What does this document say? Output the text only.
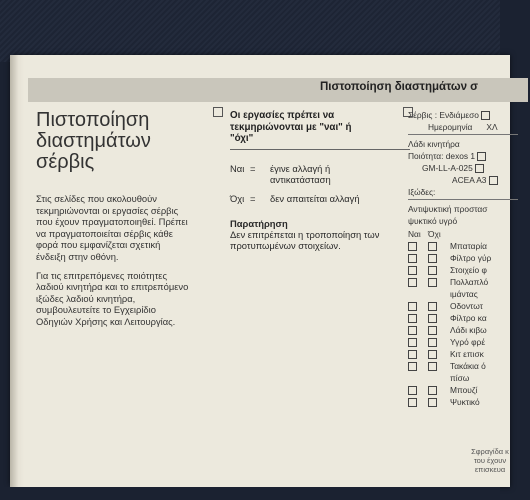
Πιστοποίηση διαστημάτων σ
Πιστοποίηση
διαστημάτων
σέρβις

Στις σελίδες που ακολουθούν
τεκμηριώνονται οι εργασίες σέρβις
που έχουν πραγματοποιηθεί. Πρέπει
να πραγματοποιείται σέρβις κάθε
φορά που εμφανίζεται σχετική
ένδειξη στην οθόνη.

Για τις επιτρεπόμενες ποιότητες
λαδιού κινητήρα και το επιτρεπόμενο
ιξώδες λαδιού κινητήρα,
συμβουλευτείτε το Εγχειρίδιο
Οδηγιών Χρήσης και Λειτουργίας.

Οι εργασίες πρέπει να
τεκμηριώνονται με "ναι" ή
"όχι"
Ναι =	έγινε αλλαγή ή
αντικατάσταση
Όχι =	δεν απαιτείται αλλαγή
Παρατήρηση
Δεν επιτρέπεται η τροποποίηση των
προτυπωμένων στοιχείων.
Σέρβις : Ενδιάμεσο
Ημερομηνία ΧΛ
Λάδι κινητήρα
Ποιότητα: dexos 1
GM-LL-A-025
ACEA A3
Ιξώδες:
Αντιψυκτική προστασ
ψυκτικό υγρό
Ναι Όχι
Μπαταρία
Φίλτρο γύρ
Στοιχείο φ
Πολλαπλό
ιμάντας
Οδοντωτ
Φίλτρο κα
Λάδι κιβω
Υγρό φρέ
Κιτ επισκ
Τακάκια ό
πίσω
Μπουζί
Ψυκτικό
Σφραγίδα κ
του έχουν
επισκευα
